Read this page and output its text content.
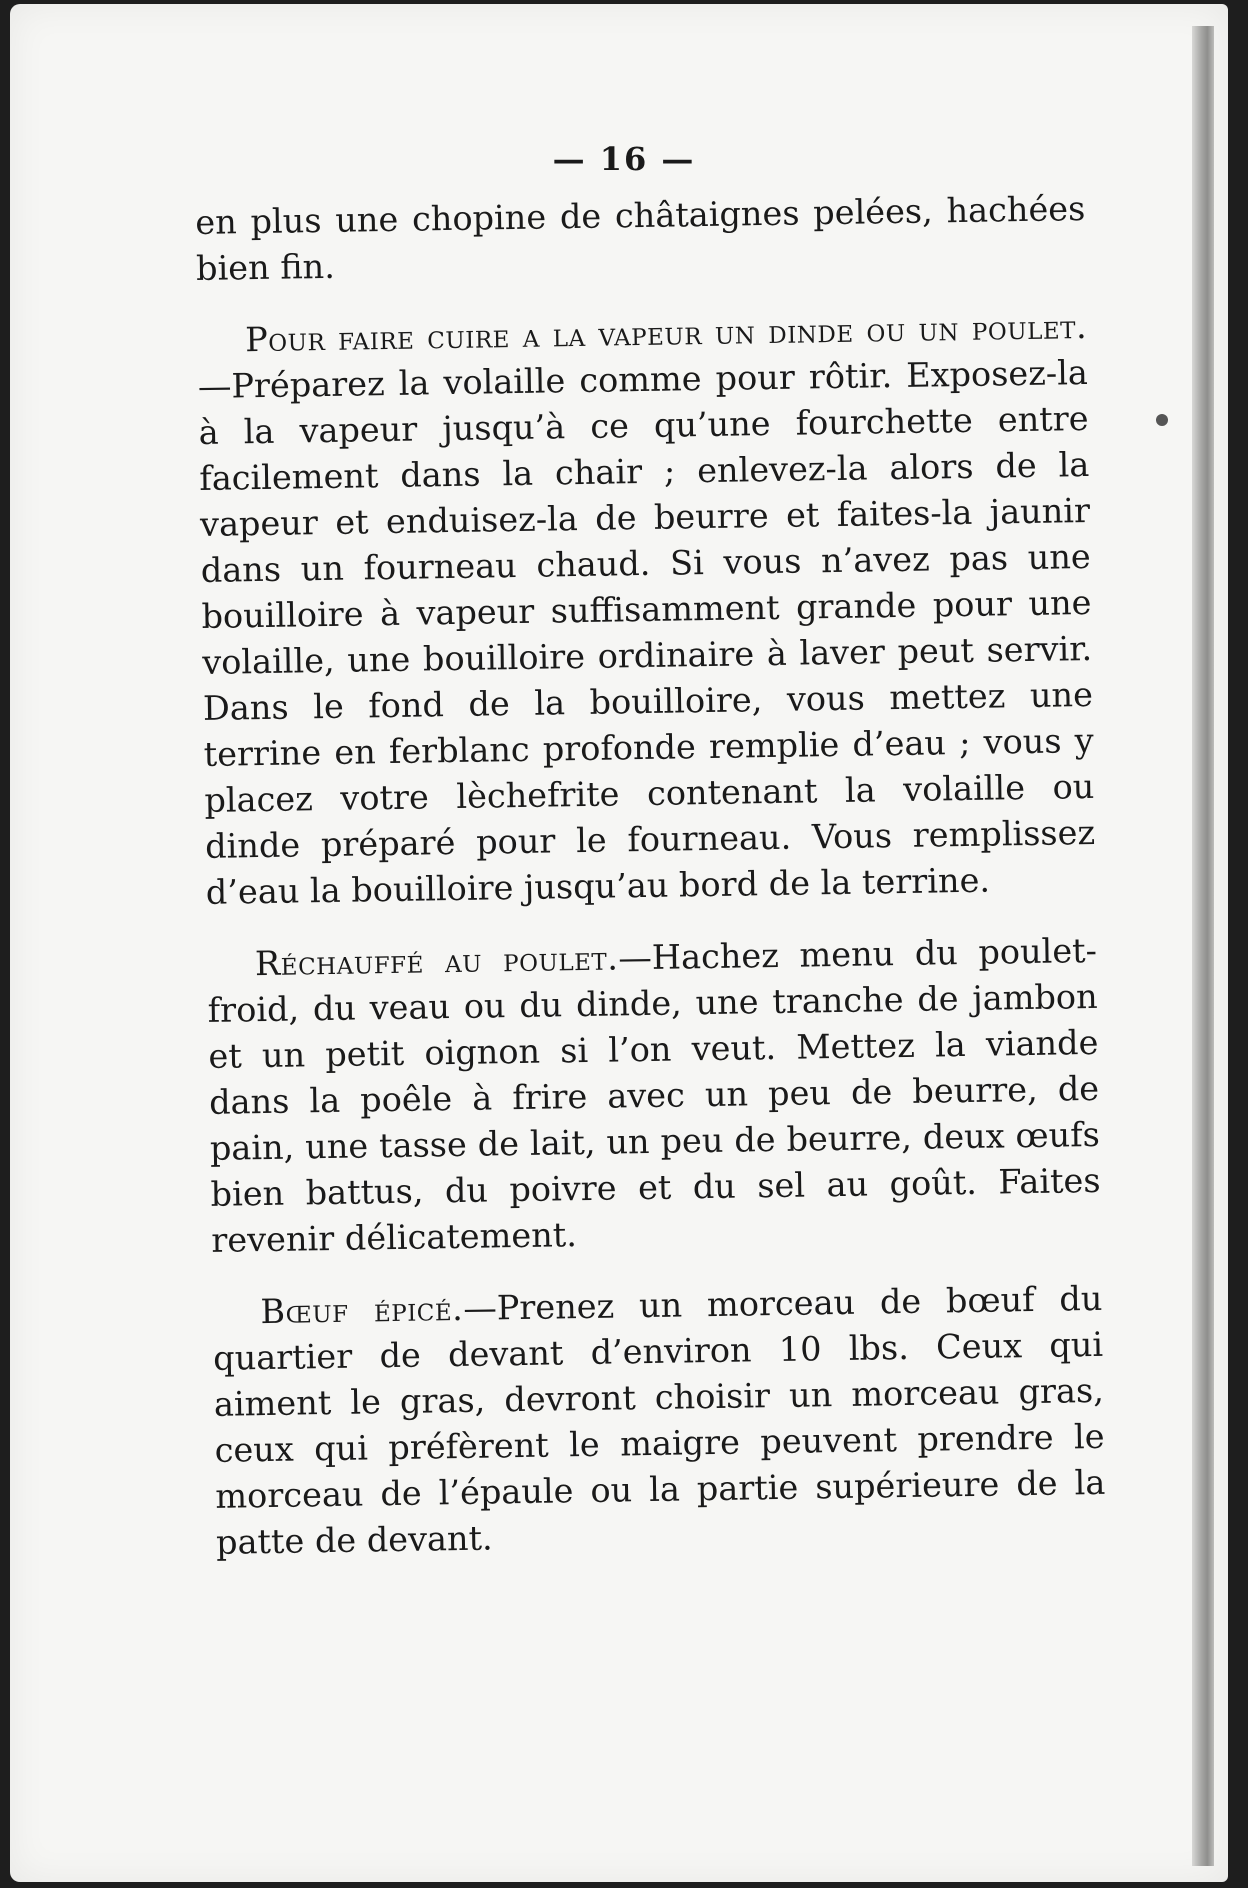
— 16 —

en plus une chopine de châtaignes pelées, hachées bien fin.

Pour faire cuire a la vapeur un dinde ou un poulet.—Préparez la volaille comme pour rôtir. Exposez-la à la vapeur jusqu’à ce qu’une fourchette entre facilement dans la chair ; enlevez-la alors de la vapeur et enduisez-la de beurre et faites-la jaunir dans un fourneau chaud. Si vous n’avez pas une bouilloire à vapeur suffisamment grande pour une volaille, une bouilloire ordinaire à laver peut servir. Dans le fond de la bouilloire, vous mettez une terrine en ferblanc profonde remplie d’eau ; vous y placez votre lèchefrite contenant la volaille ou dinde préparé pour le fourneau. Vous remplissez d’eau la bouilloire jusqu’au bord de la terrine.

Réchauffé au poulet.—Hachez menu du poulet-froid, du veau ou du dinde, une tranche de jambon et un petit oignon si l’on veut. Mettez la viande dans la poêle à frire avec un peu de beurre, de pain, une tasse de lait, un peu de beurre, deux œufs bien battus, du poivre et du sel au goût. Faites revenir délicatement.

Bœuf épicé.—Prenez un morceau de bœuf du quartier de devant d’environ 10 lbs. Ceux qui aiment le gras, devront choisir un morceau gras, ceux qui préfèrent le maigre peuvent prendre le morceau de l’épaule ou la partie supérieure de la patte de devant.
